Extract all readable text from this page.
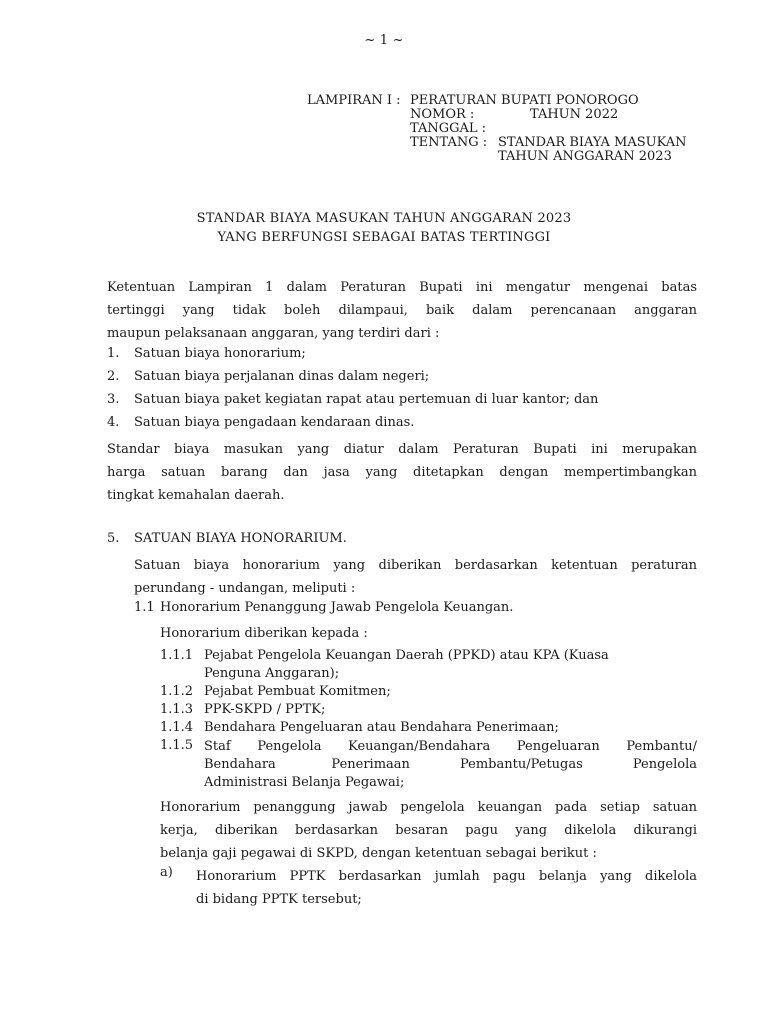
~ 1 ~
LAMPIRAN I : PERATURAN BUPATI PONOROGO
NOMOR :	TAHUN 2022
TANGGAL :
TENTANG : STANDAR BIAYA MASUKAN
TAHUN ANGGARAN 2023
STANDAR BIAYA MASUKAN TAHUN ANGGARAN 2023
YANG BERFUNGSI SEBAGAI BATAS TERTINGGI
Ketentuan Lampiran 1 dalam Peraturan Bupati ini mengatur mengenai batas
tertinggi yang tidak boleh dilampaui, baik dalam perencanaan anggaran
maupun pelaksanaan anggaran, yang terdiri dari :
1. Satuan biaya honorarium;
2. Satuan biaya perjalanan dinas dalam negeri;
3. Satuan biaya paket kegiatan rapat atau pertemuan di luar kantor; dan
4. Satuan biaya pengadaan kendaraan dinas.
Standar biaya masukan yang diatur dalam Peraturan Bupati ini merupakan
harga satuan barang dan jasa yang ditetapkan dengan mempertimbangkan
tingkat kemahalan daerah.
5. SATUAN BIAYA HONORARIUM.
Satuan biaya honorarium yang diberikan berdasarkan ketentuan peraturan
perundang - undangan, meliputi :
1.1 Honorarium Penanggung Jawab Pengelola Keuangan.
Honorarium diberikan kepada :
1.1.1 Pejabat Pengelola Keuangan Daerah (PPKD) atau KPA (Kuasa
Penguna Anggaran);
1.1.2 Pejabat Pembuat Komitmen;
1.1.3 PPK-SKPD / PPTK;
1.1.4 Bendahara Pengeluaran atau Bendahara Penerimaan;
1.1.5 Staf Pengelola Keuangan/Bendahara Pengeluaran Pembantu/
Bendahara          Penerimaan         Pembantu/Petugas         Pengelola
Administrasi Belanja Pegawai;
Honorarium penanggung jawab pengelola keuangan pada setiap satuan
kerja, diberikan berdasarkan besaran pagu yang dikelola dikurangi
belanja gaji pegawai di SKPD, dengan ketentuan sebagai berikut :
a) Honorarium PPTK berdasarkan jumlah pagu belanja yang dikelola
di bidang PPTK tersebut;
